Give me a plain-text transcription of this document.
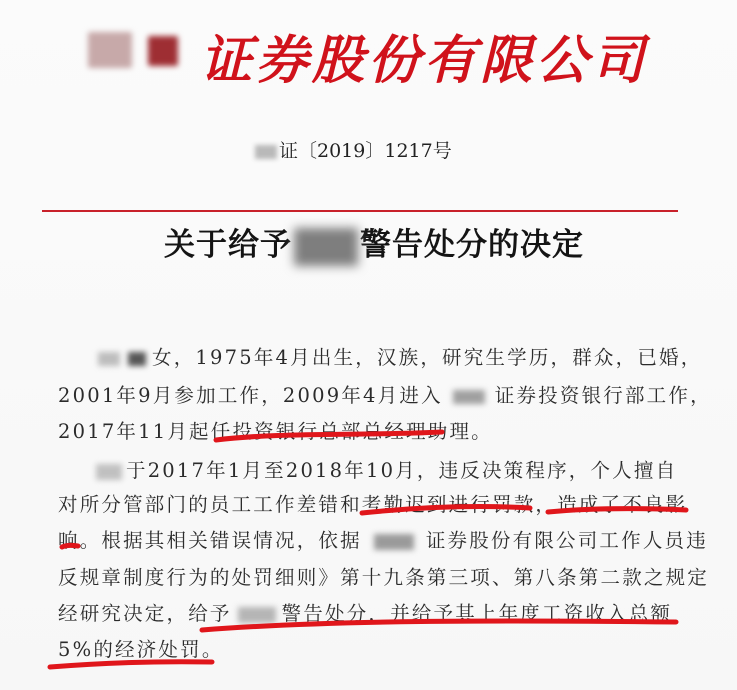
证券股份有限公司
证〔2019〕1217号
关于给予 警告处分的决定
女，1975年4月出生，汉族，研究生学历，群众，已婚，
2001年9月参加工作，2009年4月进入	证券投资银行部工作，
2017年11月起任投资银行总部总经理助理。
于2017年1月至2018年10月，违反决策程序，个人擅自
对所分管部门的员工工作差错和考勤迟到进行罚款，造成了不良影
响。根据其相关错误情况，依据	证券股份有限公司工作人员违
反规章制度行为的处罚细则》第十九条第三项、第八条第二款之规定
经研究决定，给予	警告处分，并给予其上年度工资收入总额
5%的经济处罚。
